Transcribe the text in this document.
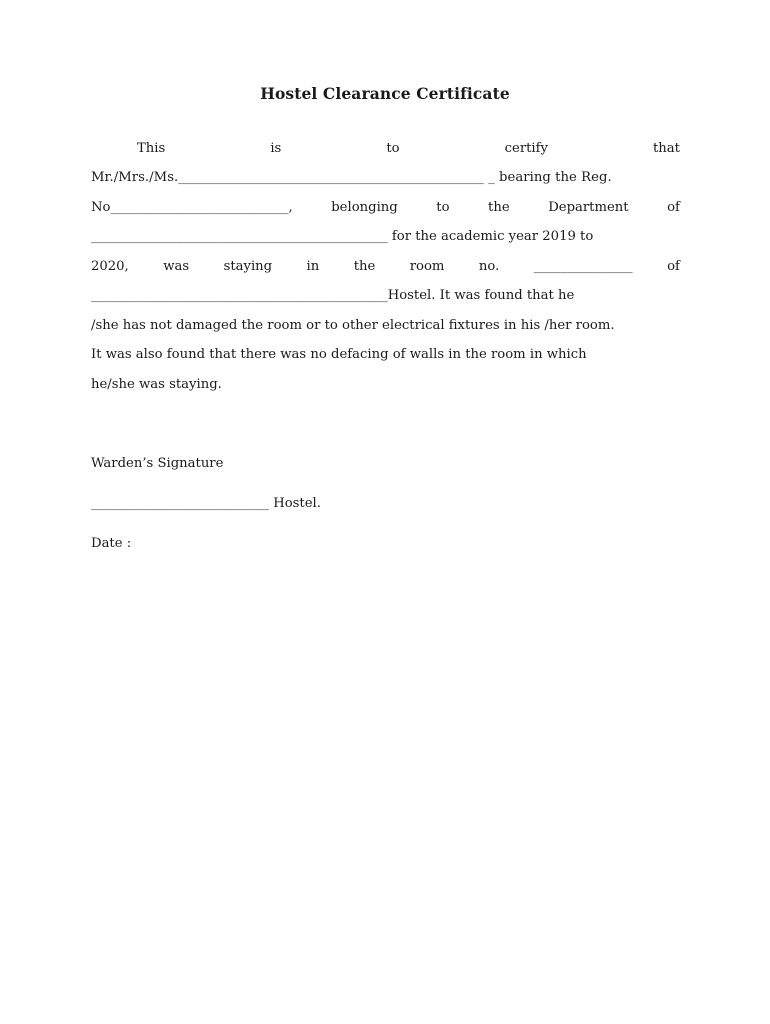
Hostel Clearance Certificate
This	is	to	certify	that
Mr./Mrs./Ms.______________________________________________ _ bearing the Reg.
No___________________________,	belonging	to	the	Department	of
_____________________________________________ for the academic year 2019 to
2020,	was	staying	in	the	room	no.	_______________	of
_____________________________________________Hostel. It was found that he
/she has not damaged the room or to other electrical fixtures in his /her room.
It was also found that there was no defacing of walls in the room in which
he/she was staying.
Warden’s Signature
___________________________ Hostel.
Date :
